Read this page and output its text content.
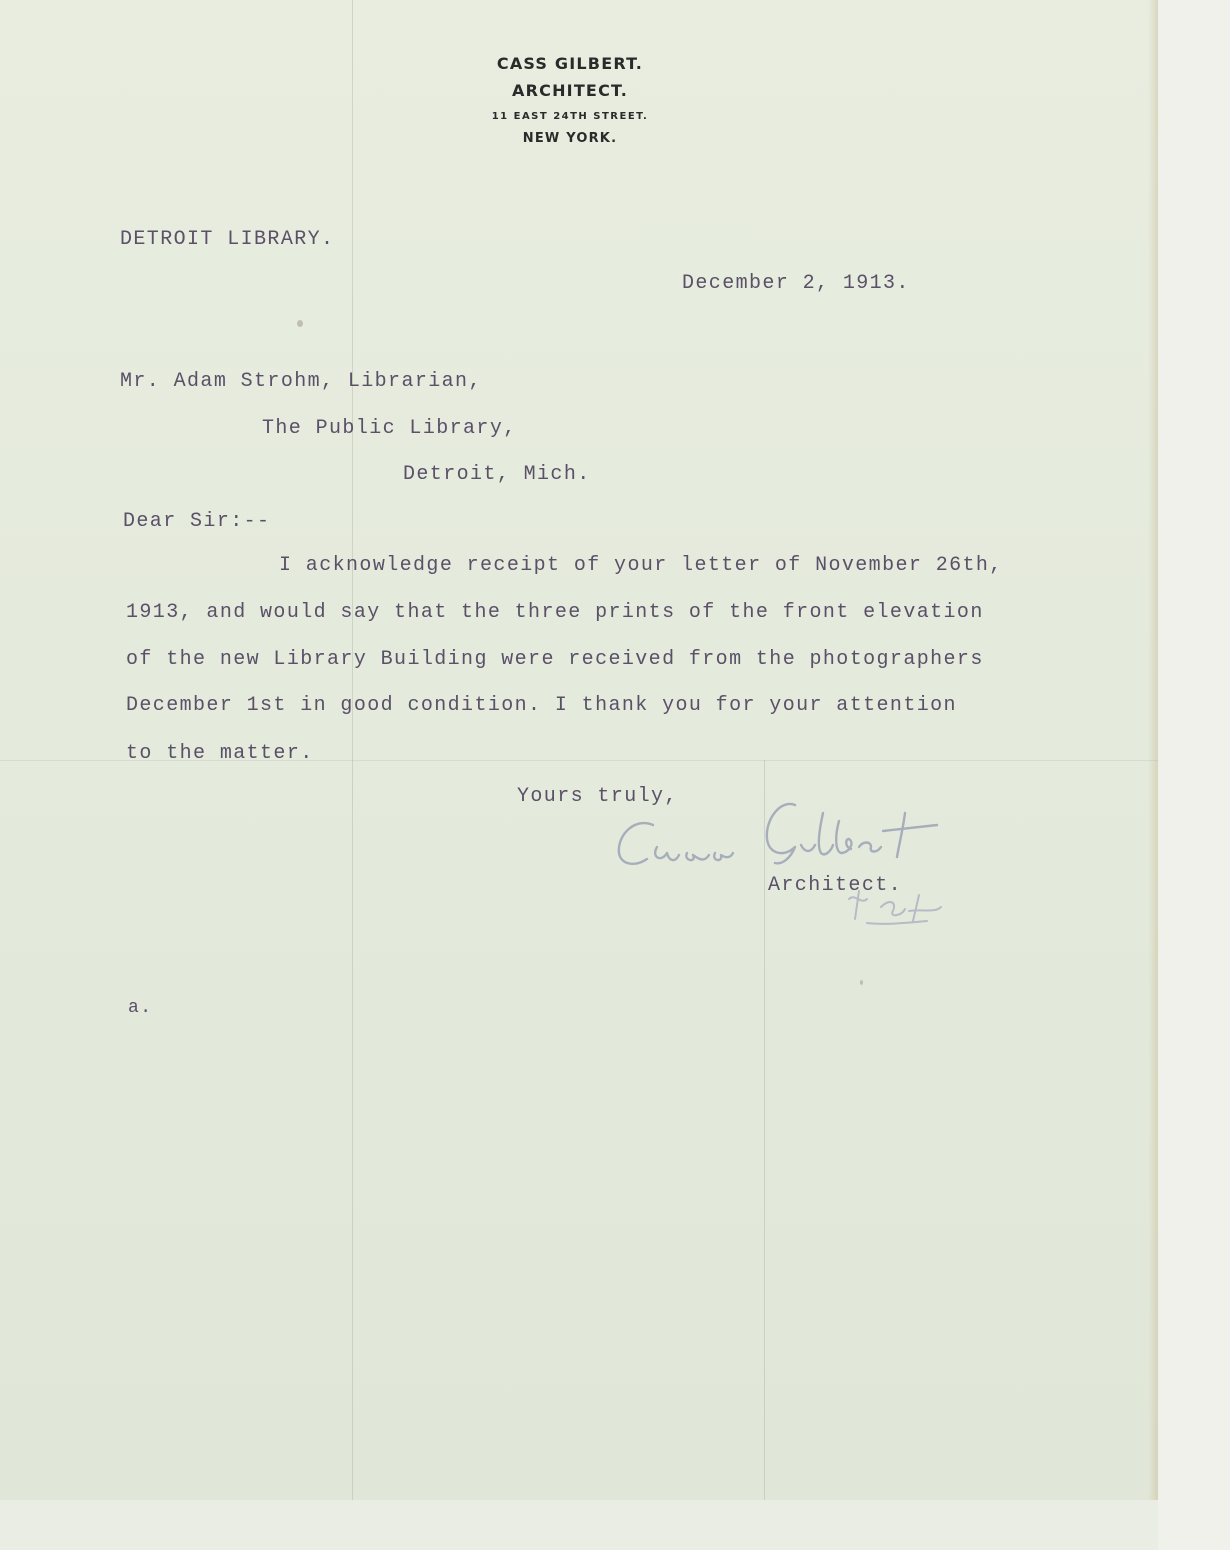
CASS GILBERT.
ARCHITECT.
11 EAST 24TH STREET.
NEW YORK.
DETROIT LIBRARY.
December 2, 1913.
Mr. Adam Strohm, Librarian,
The Public Library,
Detroit, Mich.
Dear Sir:--
I acknowledge receipt of your letter of November 26th,
1913, and would say that the three prints of the front elevation
of the new Library Building were received from the photographers
December 1st in good condition. I thank you for your attention
to the matter.
Yours truly,
Architect.
a.
